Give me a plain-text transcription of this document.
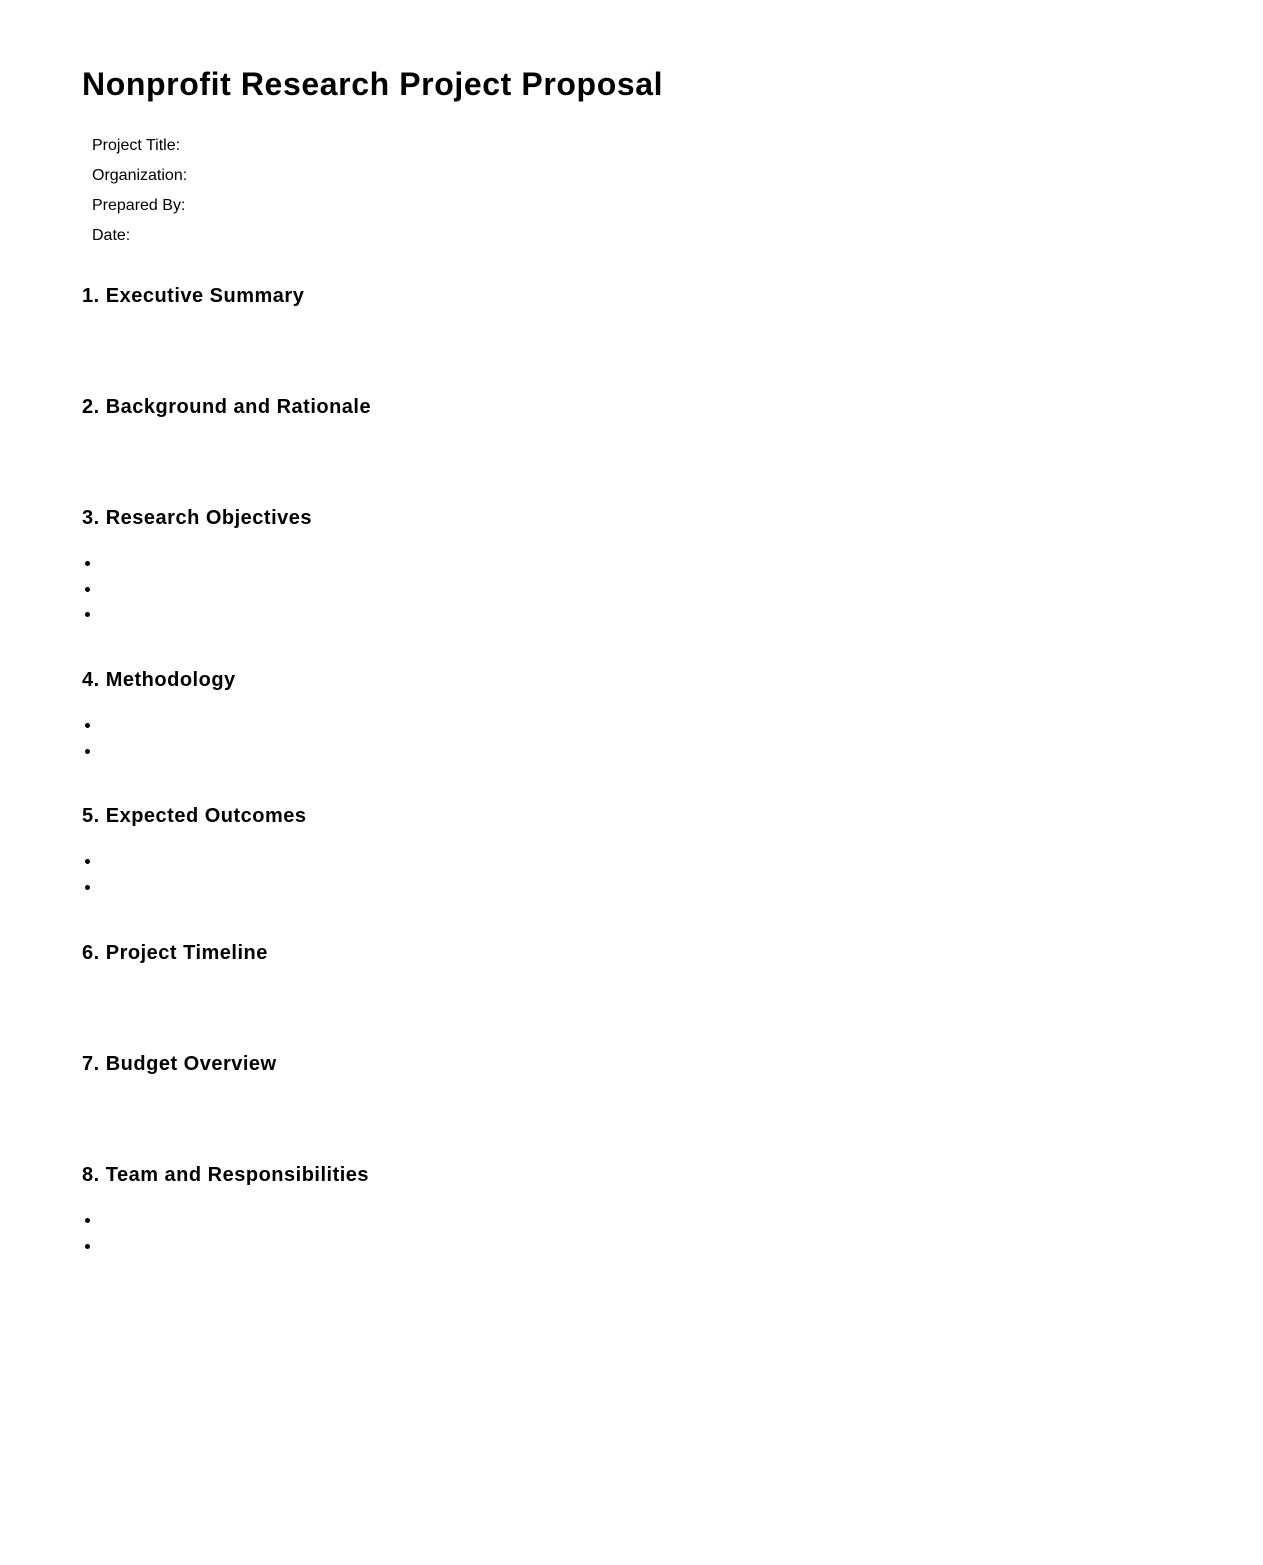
Nonprofit Research Project Proposal
Project Title:
Organization:
Prepared By:
Date:
1. Executive Summary
2. Background and Rationale
3. Research Objectives
4. Methodology
5. Expected Outcomes
6. Project Timeline
7. Budget Overview
8. Team and Responsibilities
